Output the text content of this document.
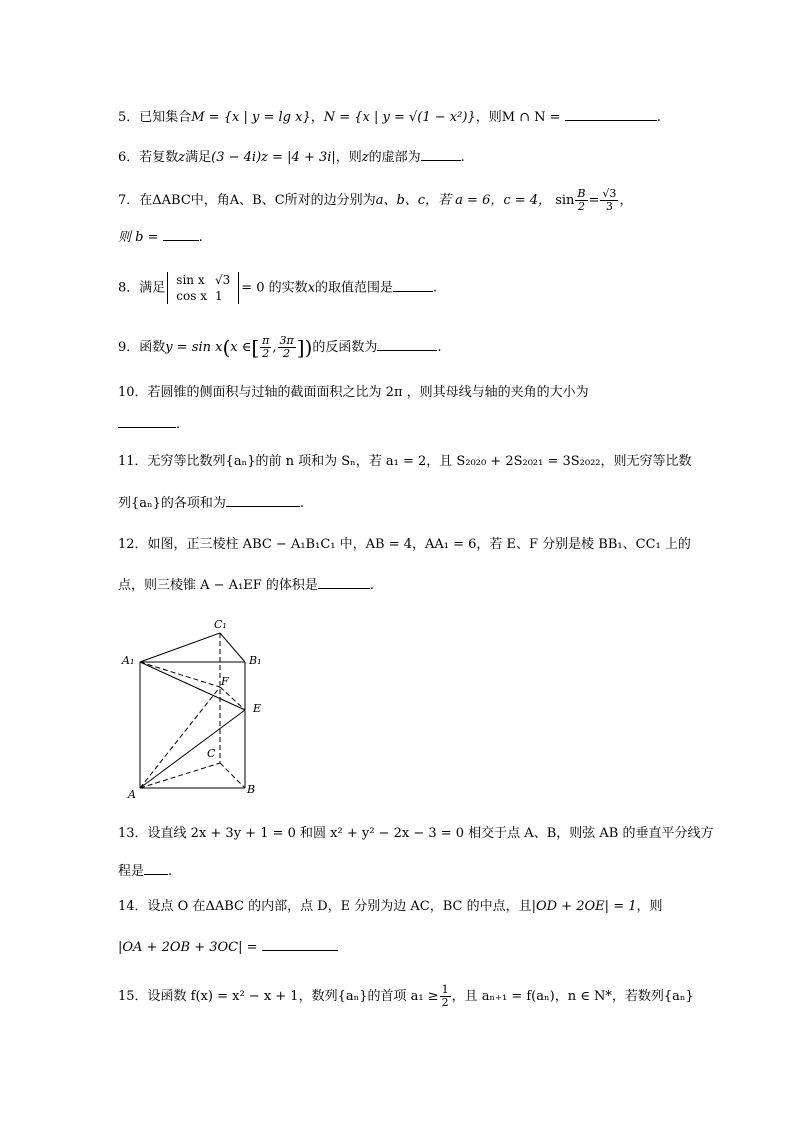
5．已知集合M = {x | y = lg x}，N = {x | y = √(1 − x²)}，则M ∩ N =	.
6．若复数z满足(3 − 4i)z = |4 + 3i|，则z的虚部为	.
7．在ΔABC中，角A、B、C所对的边分别为a、b、c，若 a = 6，c = 4， $\sin \frac{B}{2} = \frac{√3}{3}$ ，
则 b =	.
8．满足
sin x	√3
cos x	1
= 0 的实数x的取值范围是	.
9．函数y = sin x(x ∈[ $\frac{\pi}{2}$ , $\frac{3\pi}{2}$ ])的反函数为	.
10．若圆锥的侧面积与过轴的截面面积之比为 2π ，则其母线与轴的夹角的大小为
.
11．无穷等比数列{aₙ}的前 n 项和为 Sₙ，若 a₁ = 2，且 S₂₀₂₀ + 2S₂₀₂₁ = 3S₂₀₂₂，则无穷等比数
列{aₙ}的各项和为	.
12．如图，正三棱柱 ABC − A₁B₁C₁ 中，AB = 4，AA₁ = 6，若 E、F 分别是棱 BB₁、CC₁ 上的
点，则三棱锥 A − A₁EF 的体积是	.
C₁
A₁	B₁
F
E
C
A	B
13．设直线 2x + 3y + 1 = 0 和圆 x² + y² − 2x − 3 = 0 相交于点 A、B，则弦 AB 的垂直平分线方
程是 .
14．设点 O 在ΔABC 的内部，点 D，E 分别为边 AC，BC 的中点，且|OD + 2OE| = 1，则
|OA + 2OB + 3OC| =
15．设函数 f(x) = x² − x + 1，数列{aₙ}的首项 $a_1 \ge \frac{1}{2}$ ，且 aₙ₊₁ = f(aₙ)，n ∈ N*，若数列{aₙ}
